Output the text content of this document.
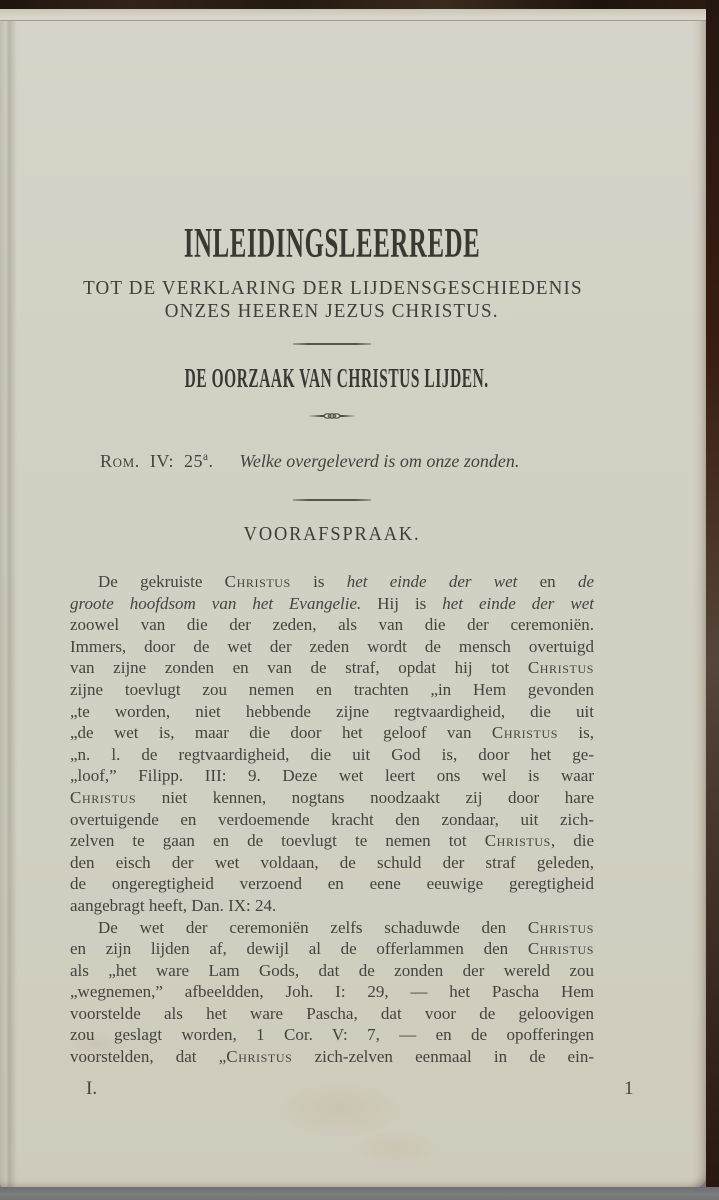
INLEIDINGSLEERREDE
TOT DE VERKLARING DER LIJDENSGESCHIEDENIS
ONZES HEEREN JEZUS CHRISTUS.
DE OORZAAK VAN CHRISTUS LIJDEN.
Rom. IV: 25$^a$. Welke overgeleverd is om onze zonden.
VOORAFSPRAAK.
De gekruiste Christus is het einde der wet en de
groote hoofdsom van het Evangelie. Hij is het einde der wet
zoowel van die der zeden, als van die der ceremoniën.
Immers, door de wet der zeden wordt de mensch overtuigd
van zijne zonden en van de straf, opdat hij tot Christus
zijne toevlugt zou nemen en trachten „in Hem gevonden
„te worden, niet hebbende zijne regtvaardigheid, die uit
„de wet is, maar die door het geloof van Christus is,
„n. l. de regtvaardigheid, die uit God is, door het ge-
„loof,” Filipp. III: 9. Deze wet leert ons wel is waar
Christus niet kennen, nogtans noodzaakt zij door hare
overtuigende en verdoemende kracht den zondaar, uit zich-
zelven te gaan en de toevlugt te nemen tot Christus, die
den eisch der wet voldaan, de schuld der straf geleden,
de ongeregtigheid verzoend en eene eeuwige geregtigheid
aangebragt heeft, Dan. IX: 24.
De wet der ceremoniën zelfs schaduwde den Christus
en zijn lijden af, dewijl al de offerlammen den Christus
als „het ware Lam Gods, dat de zonden der wereld zou
„wegnemen,” afbeeldden, Joh. I: 29, — het Pascha Hem
voorstelde als het ware Pascha, dat voor de geloovigen
zou geslagt worden, 1 Cor. V: 7, — en de opofferingen
voorstelden, dat „Christus zich-zelven eenmaal in de ein-
I.	1
